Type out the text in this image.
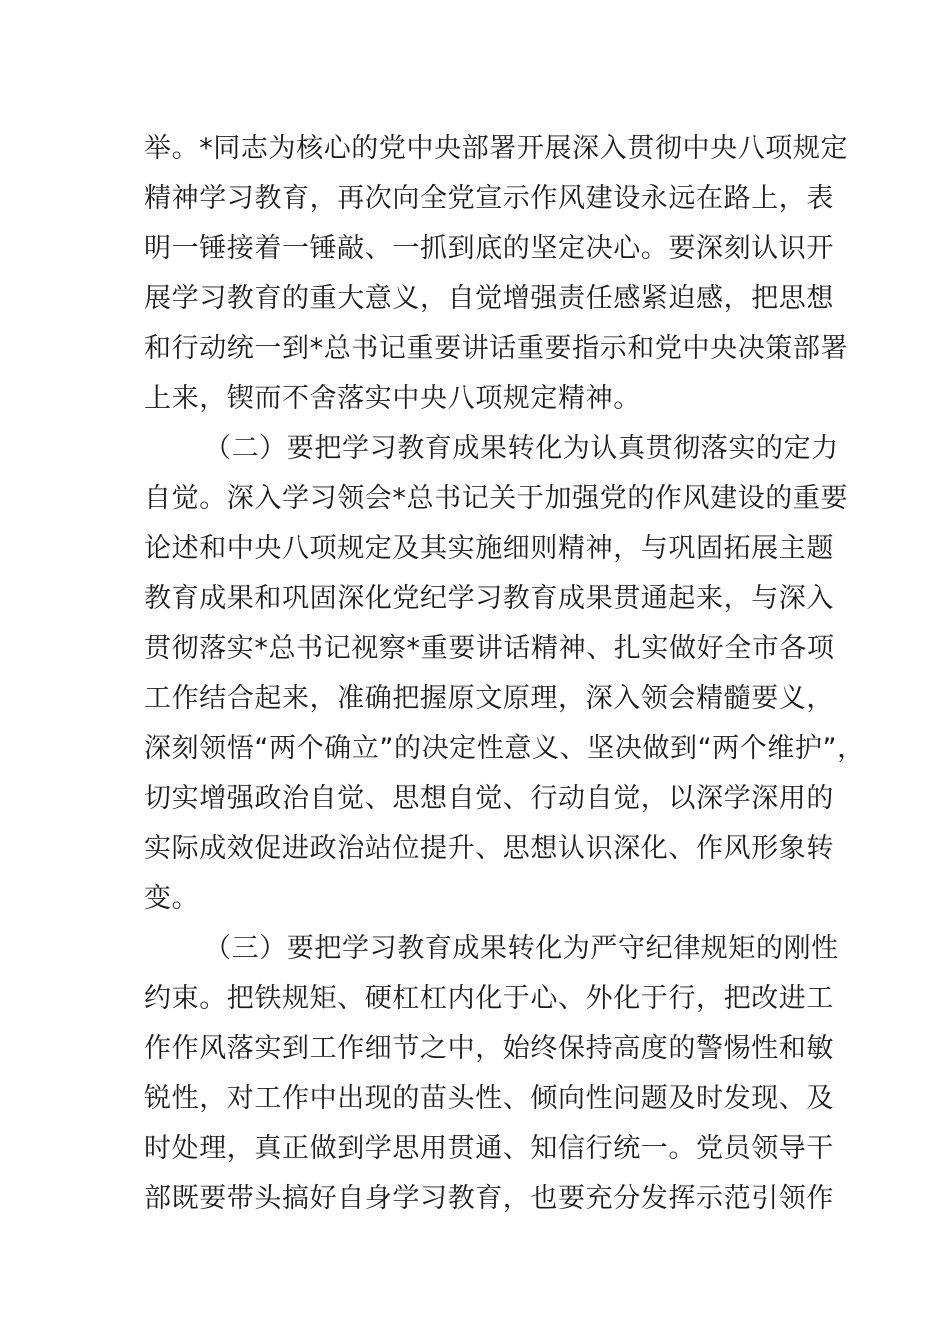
举。*同志为核心的党中央部署开展深入贯彻中央八项规定
精神学习教育，再次向全党宣示作风建设永远在路上，表
明一锤接着一锤敲、一抓到底的坚定决心。要深刻认识开
展学习教育的重大意义，自觉增强责任感紧迫感，把思想
和行动统一到*总书记重要讲话重要指示和党中央决策部署
上来，锲而不舍落实中央八项规定精神。
（二）要把学习教育成果转化为认真贯彻落实的定力
自觉。深入学习领会*总书记关于加强党的作风建设的重要
论述和中央八项规定及其实施细则精神，与巩固拓展主题
教育成果和巩固深化党纪学习教育成果贯通起来，与深入
贯彻落实*总书记视察*重要讲话精神、扎实做好全市各项
工作结合起来，准确把握原文原理，深入领会精髓要义，
深刻领悟“两个确立”的决定性意义、坚决做到“两个维护”，
切实增强政治自觉、思想自觉、行动自觉，以深学深用的
实际成效促进政治站位提升、思想认识深化、作风形象转
变。
（三）要把学习教育成果转化为严守纪律规矩的刚性
约束。把铁规矩、硬杠杠内化于心、外化于行，把改进工
作作风落实到工作细节之中，始终保持高度的警惕性和敏
锐性，对工作中出现的苗头性、倾向性问题及时发现、及
时处理，真正做到学思用贯通、知信行统一。党员领导干
部既要带头搞好自身学习教育，也要充分发挥示范引领作
